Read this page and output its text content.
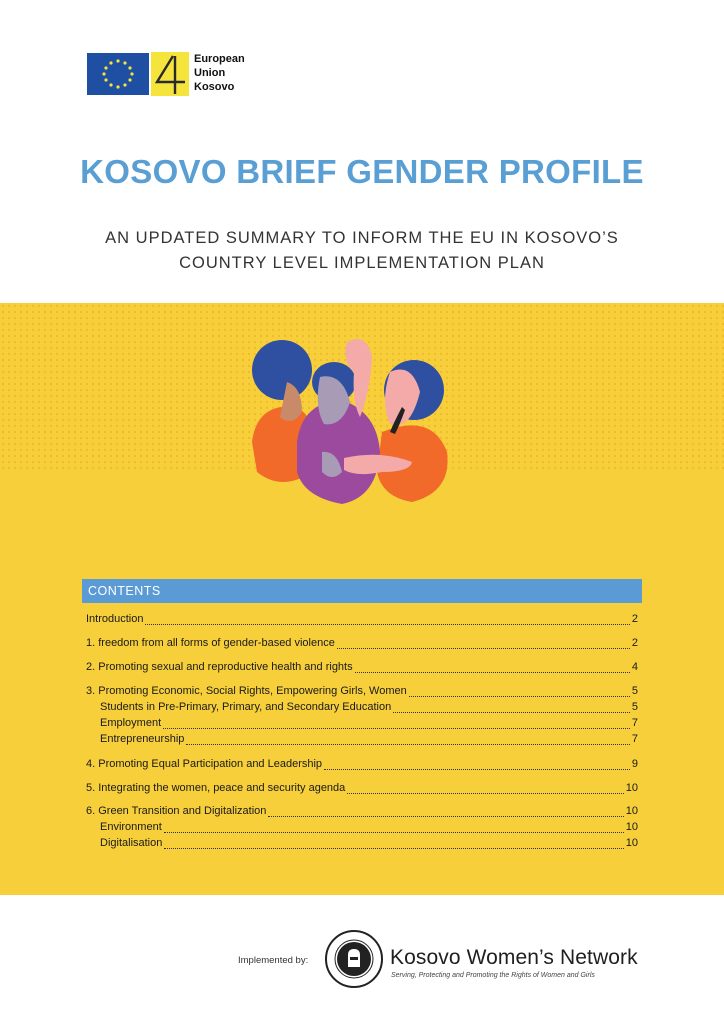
European
Union
Kosovo
KOSOVO BRIEF GENDER PROFILE
AN UPDATED SUMMARY TO INFORM THE EU IN KOSOVO’S
COUNTRY LEVEL IMPLEMENTATION PLAN
CONTENTS
Introduction	2
1. freedom from all forms of gender-based violence	2
2. Promoting sexual and reproductive health and rights	4
3. Promoting Economic, Social Rights, Empowering Girls, Women	5
Students in Pre-Primary, Primary, and Secondary Education	5
Employment	7
Entrepreneurship	7
4. Promoting Equal Participation and Leadership	9
5. Integrating the women, peace and security agenda	10
6. Green Transition and Digitalization	10
Environment	10
Digitalisation	10
Implemented by:	Kosovo Women’s Network
Serving, Protecting and Promoting the Rights of Women and Girls
